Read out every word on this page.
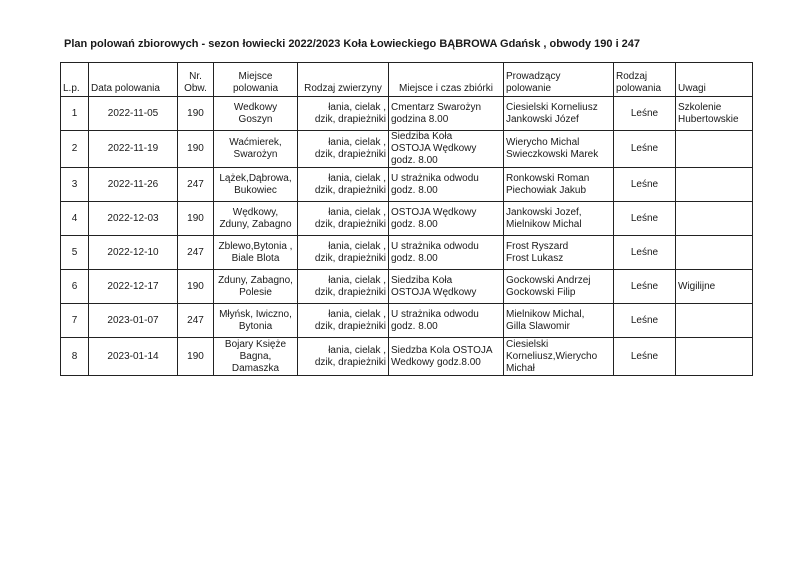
Plan polowań zbiorowych - sezon łowiecki 2022/2023 Koła Łowieckiego BĄBROWA Gdańsk , obwody 190 i 247
L.p.	Data polowania	Nr.
Obw.	Miejsce
polowania	Rodzaj zwierzyny	Miejsce i czas zbiórki	Prowadzący
polowanie	Rodzaj
polowania	Uwagi
1	2022-11-05	190	Wedkowy
Goszyn	łania, cielak ,
dzik, drapieżniki	Cmentarz Swarożyn
godzina 8.00	Ciesielski Korneliusz
Jankowski Józef	Leśne	Szkolenie
Hubertowskie
2	2022-11-19	190	Waćmierek,
Swarożyn	łania, cielak ,
dzik, drapieżniki	Siedziba Koła
OSTOJA Wędkowy
godz. 8.00	Wierycho Michal
Swieczkowski Marek	Leśne	
3	2022-11-26	247	Lążek,Dąbrowa,
Bukowiec	łania, cielak ,
dzik, drapieżniki	U strażnika odwodu
godz. 8.00	Ronkowski Roman
Piechowiak Jakub	Leśne	
4	2022-12-03	190	Wędkowy,
Zduny, Zabagno	łania, cielak ,
dzik, drapieżniki	OSTOJA Wędkowy
godz. 8.00	Jankowski Jozef,
Mielnikow Michal	Leśne	
5	2022-12-10	247	Zblewo,Bytonia ,
Biale Blota	łania, cielak ,
dzik, drapieżniki	U strażnika odwodu
godz. 8.00	Frost Ryszard
Frost Lukasz	Leśne	
6	2022-12-17	190	Zduny, Zabagno,
Polesie	łania, cielak ,
dzik, drapieżniki	Siedziba Koła
OSTOJA Wędkowy	Gockowski Andrzej
Gockowski Filip	Leśne	Wigilijne
7	2023-01-07	247	Młyńsk, Iwiczno,
Bytonia	łania, cielak ,
dzik, drapieżniki	U strażnika odwodu
godz. 8.00	Mielnikow Michal,
Gilla Slawomir	Leśne	
8	2023-01-14	190	Bojary Księże
Bagna,
Damaszka	łania, cielak ,
dzik, drapieżniki	Siedzba Kola OSTOJA
Wedkowy godz.8.00	Ciesielski
Korneliusz,Wierycho
Michał	Leśne	
